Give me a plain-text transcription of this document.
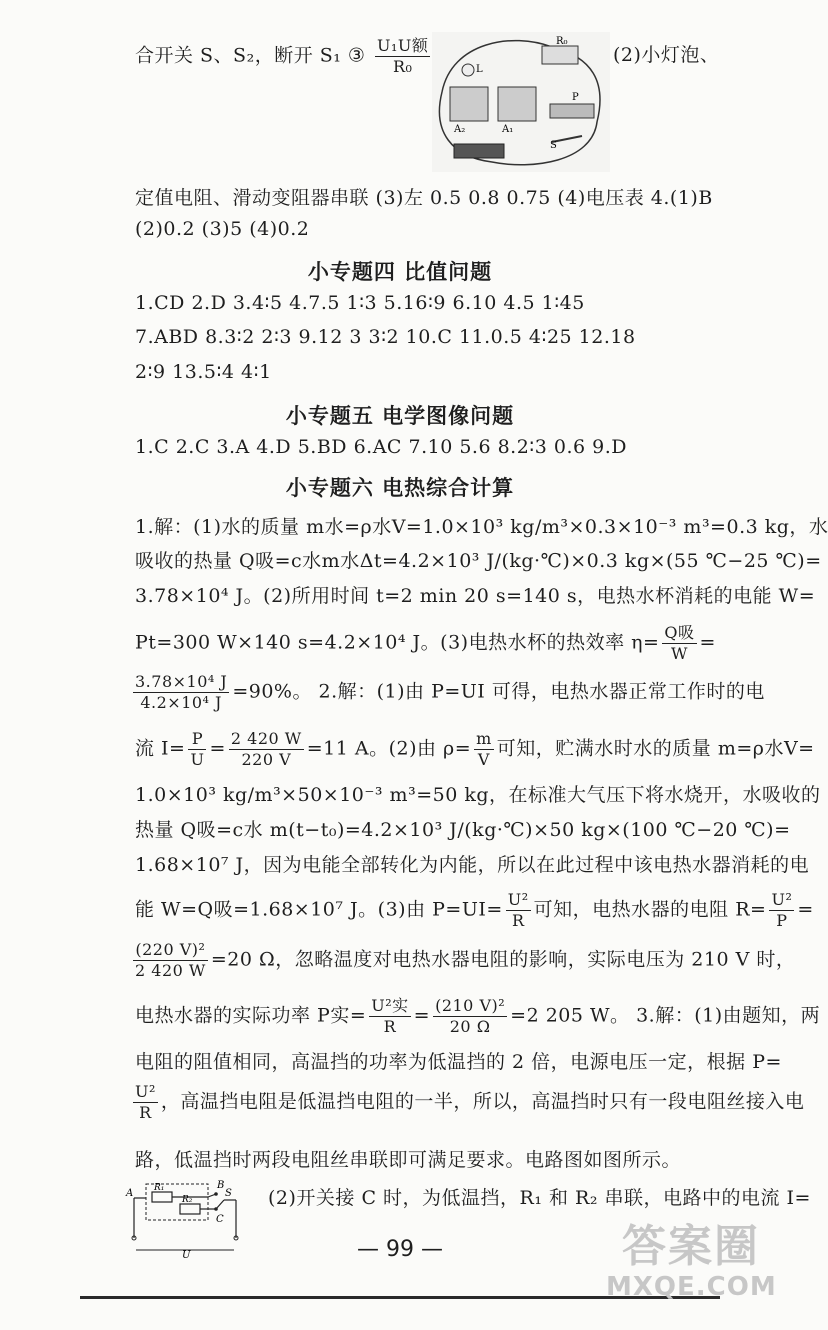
合开关 S、S₂，断开 S₁ ③ $\frac{\text{U₁U额}}{\text{R₀}}$	(2)小灯泡、
R₀
L
A₂	A₁
P
S
定值电阻、滑动变阻器串联 (3)左 0.5 0.8 0.75 (4)电压表 4.(1)B
(2)0.2 (3)5 (4)0.2
小专题四 比值问题
1.CD 2.D 3.4∶5 4.7.5 1∶3 5.16∶9 6.10 4.5 1∶45
7.ABD 8.3∶2 2∶3 9.12 3 3∶2 10.C 11.0.5 4∶25 12.18
2∶9 13.5∶4 4∶1
小专题五 电学图像问题
1.C 2.C 3.A 4.D 5.BD 6.AC 7.10 5.6 8.2∶3 0.6 9.D
小专题六 电热综合计算
1.解：(1)水的质量 m水=ρ水V=1.0×10³ kg/m³×0.3×10⁻³ m³=0.3 kg，水
吸收的热量 Q吸=c水m水Δt=4.2×10³ J/(kg·℃)×0.3 kg×(55 ℃−25 ℃)=
3.78×10⁴ J。(2)所用时间 t=2 min 20 s=140 s，电热水杯消耗的电能 W=
Pt=300 W×140 s=4.2×10⁴ J。(3)电热水杯的热效率 $\eta= \frac{\text{Q吸}}{W}$ =
$\frac{\text{3.78×10⁴ J}}{\text{4.2×10⁴ J}} =90\%$。 2.解：(1)由 P=UI 可得，电热水器正常工作时的电
流 $I= \frac{P}{U} = \frac{2 420 W}{220 V} =11$ A。(2)由 $\rho= \frac{m}{V}$ 可知，贮满水时水的质量 m=ρ水V=
1.0×10³ kg/m³×50×10⁻³ m³=50 kg，在标准大气压下将水烧开，水吸收的
热量 Q吸=c水 m(t−t₀)=4.2×10³ J/(kg·℃)×50 kg×(100 ℃−20 ℃)=
1.68×10⁷ J，因为电能全部转化为内能，所以在此过程中该电热水器消耗的电
能 W=Q吸=1.68×10⁷ J。(3)由 $P=UI= \frac{\text{U²}}{R}$ 可知，电热水器的电阻 $R= \frac{\text{U²}}{P}$ =
$\frac{\text{(220 V)²}}{2 420 W} =20$ Ω，忽略温度对电热水器电阻的影响，实际电压为 210 V 时，
电热水器的实际功率 P实= $\frac{\text{U²实}}{R} = \frac{\text{(210 V)²}}{20 \Omega} =2$ 205 W。 3.解：(1)由题知，两
电阻的阻值相同，高温挡的功率为低温挡的 2 倍，电源电压一定，根据 P=
$\frac{\text{U²}}{R}$ ，高温挡电阻是低温挡电阻的一半，所以，高温挡时只有一段电阻丝接入电
路，低温挡时两段电阻丝串联即可满足要求。电路图如图所示。
(2)开关接 C 时，为低温挡，R₁ 和 R₂ 串联，电路中的电流 I=
A
B
S
C
R₁
R₂
U	— 99 —	答案圈
MXQE.COM
